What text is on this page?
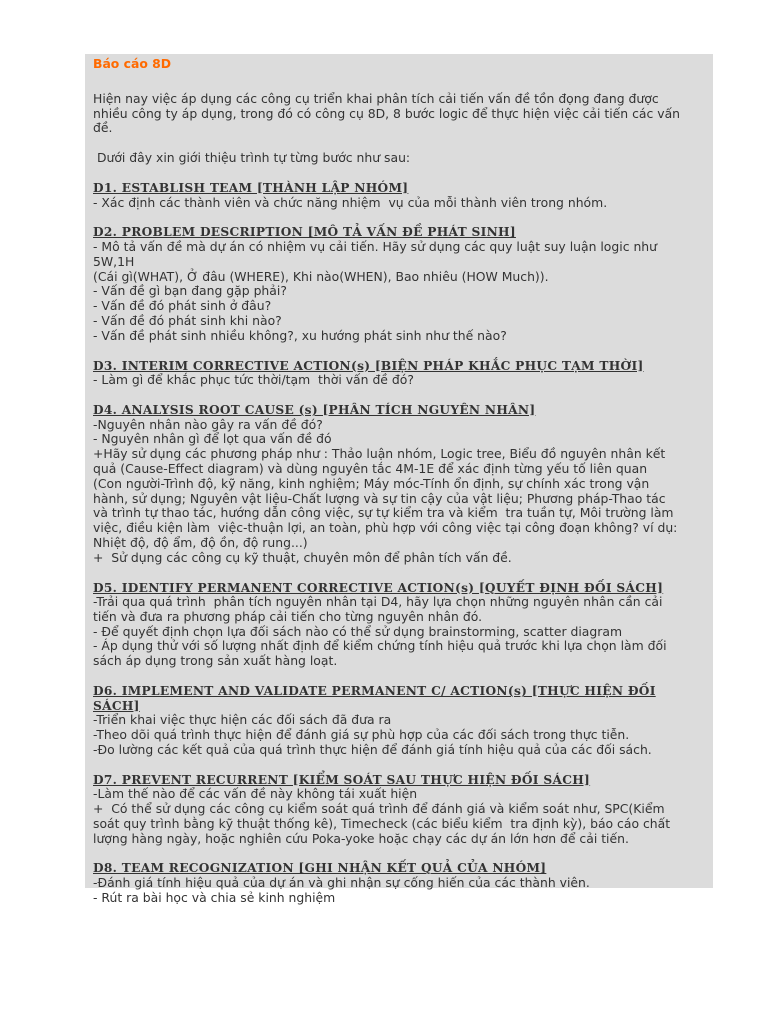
Báo cáo 8D

Hiện nay việc áp dụng các công cụ triển khai phân tích cải tiến vấn đề tồn đọng đang được

nhiều công ty áp dụng, trong đó có công cụ 8D, 8 bước logic để thực hiện việc cải tiến các vấn

đề.

Dưới đây xin giới thiệu trình tự từng bước như sau:

D1. ESTABLISH TEAM [THÀNH LẬP NHÓM]

- Xác định các thành viên và chức năng nhiệm  vụ của mỗi thành viên trong nhóm.

D2. PROBLEM DESCRIPTION [MÔ TẢ VẤN ĐỀ PHÁT SINH]

- Mô tả vấn đề mà dự án có nhiệm vụ cải tiến. Hãy sử dụng các quy luật suy luận logic như

5W,1H

(Cái gì(WHAT), Ở đâu (WHERE), Khi nào(WHEN), Bao nhiêu (HOW Much)).

- Vấn đề gì bạn đang gặp phải?

- Vấn đề đó phát sinh ở đâu?

- Vấn đề đó phát sinh khi nào?

- Vấn đề phát sinh nhiều không?, xu hướng phát sinh như thế nào?

D3. INTERIM CORRECTIVE ACTION(s) [BIỆN PHÁP KHẮC PHỤC TẠM THỜI]

- Làm gì để khắc phục tức thời/tạm  thời vấn đề đó?

D4. ANALYSIS ROOT CAUSE (s) [PHÂN TÍCH NGUYÊN NHÂN]

-Nguyên nhân nào gây ra vấn đề đó?

- Nguyên nhân gì để lọt qua vấn đề đó

+Hãy sử dụng các phương pháp như : Thảo luận nhóm, Logic tree, Biểu đồ nguyên nhân kết

quả (Cause-Effect diagram) và dùng nguyên tắc 4M-1E để xác định từng yếu tố liên quan

(Con người-Trình độ, kỹ năng, kinh nghiệm; Máy móc-Tính ổn định, sự chính xác trong vận

hành, sử dụng; Nguyên vật liệu-Chất lượng và sự tin cậy của vật liệu; Phương pháp-Thao tác

và trình tự thao tác, hướng dẫn công việc, sự tự kiểm tra và kiểm  tra tuần tự, Môi trường làm

việc, điều kiện làm  việc-thuận lợi, an toàn, phù hợp với công việc tại công đoạn không? ví dụ:

Nhiệt độ, độ ẩm, độ ồn, độ rung...)

+  Sử dụng các công cụ kỹ thuật, chuyên môn để phân tích vấn đề.

D5. IDENTIFY PERMANENT CORRECTIVE ACTION(s) [QUYẾT ĐỊNH ĐỐI SÁCH]

-Trải qua quá trình  phân tích nguyên nhân tại D4, hãy lựa chọn những nguyên nhân cần cải

tiến và đưa ra phương pháp cải tiến cho từng nguyên nhân đó.

- Để quyết định chọn lựa đối sách nào có thể sử dụng brainstorming, scatter diagram

- Áp dụng thử với số lượng nhất định để kiểm chứng tính hiệu quả trước khi lựa chọn làm đối

sách áp dụng trong sản xuất hàng loạt.

D6. IMPLEMENT AND VALIDATE PERMANENT C/ ACTION(s) [THỰC HIỆN ĐỐI SÁCH]

-Triển khai việc thực hiện các đối sách đã đưa ra

-Theo dõi quá trình thực hiện để đánh giá sự phù hợp của các đối sách trong thực tiễn.

-Đo lường các kết quả của quá trình thực hiện để đánh giá tính hiệu quả của các đối sách.

D7. PREVENT RECURRENT [KIỂM SOÁT SAU THỰC HIỆN ĐỐI SÁCH]

-Làm thế nào để các vấn đề này không tái xuất hiện

+  Có thể sử dụng các công cụ kiểm soát quá trình để đánh giá và kiểm soát như, SPC(Kiểm

soát quy trình bằng kỹ thuật thống kê), Timecheck (các biểu kiểm  tra định kỳ), báo cáo chất

lượng hàng ngày, hoặc nghiên cứu Poka-yoke hoặc chạy các dự án lớn hơn để cải tiến.

D8. TEAM RECOGNIZATION [GHI NHẬN KẾT QUẢ CỦA NHÓM]

-Đánh giá tính hiệu quả của dự án và ghi nhận sự cống hiến của các thành viên.

- Rút ra bài học và chia sẻ kinh nghiệm
